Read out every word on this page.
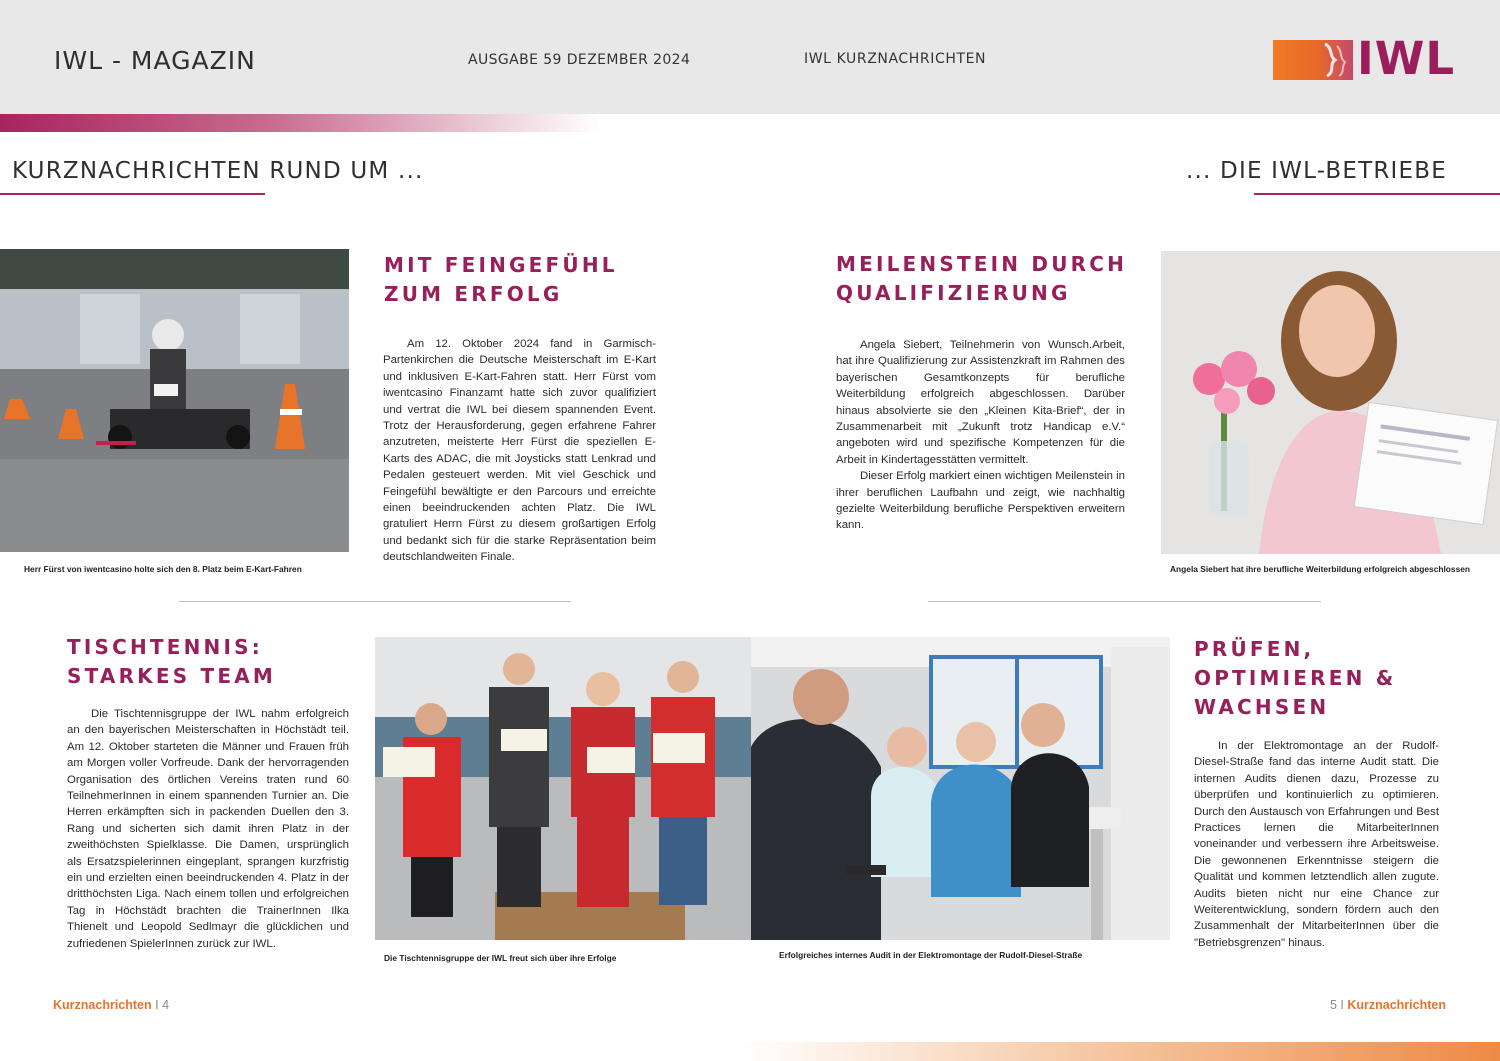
IWL - MAGAZIN	AUSGABE 59 DEZEMBER 2024	IWL KURZNACHRICHTEN	IWL
KURZNACHRICHTEN RUND UM ...	... DIE IWL-BETRIEBE
Herr Fürst von iwentcasino holte sich den 8. Platz beim E-Kart-Fahren
MIT FEINGEFÜHL
ZUM ERFOLG

Am 12. Oktober 2024 fand in Garmisch-Partenkirchen die Deutsche Meisterschaft im E-Kart und inklusiven E-Kart-Fahren statt. Herr Fürst vom iwentcasino Finanzamt hatte sich zuvor qualifiziert und vertrat die IWL bei diesem spannenden Event. Trotz der Herausforderung, gegen erfahrene Fahrer anzutreten, meisterte Herr Fürst die speziellen E-Karts des ADAC, die mit Joysticks statt Lenkrad und Pedalen gesteuert werden. Mit viel Geschick und Feingefühl bewältigte er den Parcours und erreichte einen beeindruckenden achten Platz. Die IWL gratuliert Herrn Fürst zu diesem großartigen Erfolg und bedankt sich für die starke Repräsentation beim deutschlandweiten Finale.

MEILENSTEIN DURCH
QUALIFIZIERUNG

Angela Siebert, Teilnehmerin von Wunsch.Arbeit, hat ihre Qualifizierung zur Assistenzkraft im Rahmen des bayerischen Gesamtkonzepts für berufliche Weiterbildung erfolgreich abgeschlossen. Darüber hinaus absolvierte sie den „Kleinen Kita-Brief“, der in Zusammenarbeit mit „Zukunft trotz Handicap e.V.“ angeboten wird und spezifische Kompetenzen für die Arbeit in Kindertagesstätten vermittelt.

Dieser Erfolg markiert einen wichtigen Meilenstein in ihrer beruflichen Laufbahn und zeigt, wie nachhaltig gezielte Weiterbildung berufliche Perspektiven erweitern kann.

Angela Siebert hat ihre berufliche Weiterbildung erfolgreich abgeschlossen
TISCHTENNIS:
STARKES TEAM

Die Tischtennisgruppe der IWL nahm erfolgreich an den bayerischen Meisterschaften in Höchstädt teil. Am 12. Oktober starteten die Männer und Frauen früh am Morgen voller Vorfreude. Dank der hervorragenden Organisation des örtlichen Vereins traten rund 60 TeilnehmerInnen in einem spannenden Turnier an. Die Herren erkämpften sich in packenden Duellen den 3. Rang und sicherten sich damit ihren Platz in der zweithöchsten Spielklasse. Die Damen, ursprünglich als Ersatzspielerinnen eingeplant, sprangen kurzfristig ein und erzielten einen beeindruckenden 4. Platz in der dritthöchsten Liga. Nach einem tollen und erfolgreichen Tag in Höchstädt brachten die TrainerInnen Ilka Thienelt und Leopold Sedlmayr die glücklichen und zufriedenen SpielerInnen zurück zur IWL.

Die Tischtennisgruppe der IWL freut sich über ihre Erfolge	Erfolgreiches internes Audit in der Elektromontage der Rudolf-Diesel-Straße
PRÜFEN,
OPTIMIEREN &
WACHSEN

In der Elektromontage an der Rudolf-Diesel-Straße fand das interne Audit statt. Die internen Audits dienen dazu, Prozesse zu überprüfen und kontinuierlich zu optimieren. Durch den Austausch von Erfahrungen und Best Practices lernen die MitarbeiterInnen voneinander und verbessern ihre Arbeitsweise. Die gewonnenen Erkenntnisse steigern die Qualität und kommen letztendlich allen zugute. Audits bieten nicht nur eine Chance zur Weiterentwicklung, sondern fördern auch den Zusammenhalt der MitarbeiterInnen über die "Betriebsgrenzen" hinaus.

Kurznachrichten I 4	5 I Kurznachrichten
